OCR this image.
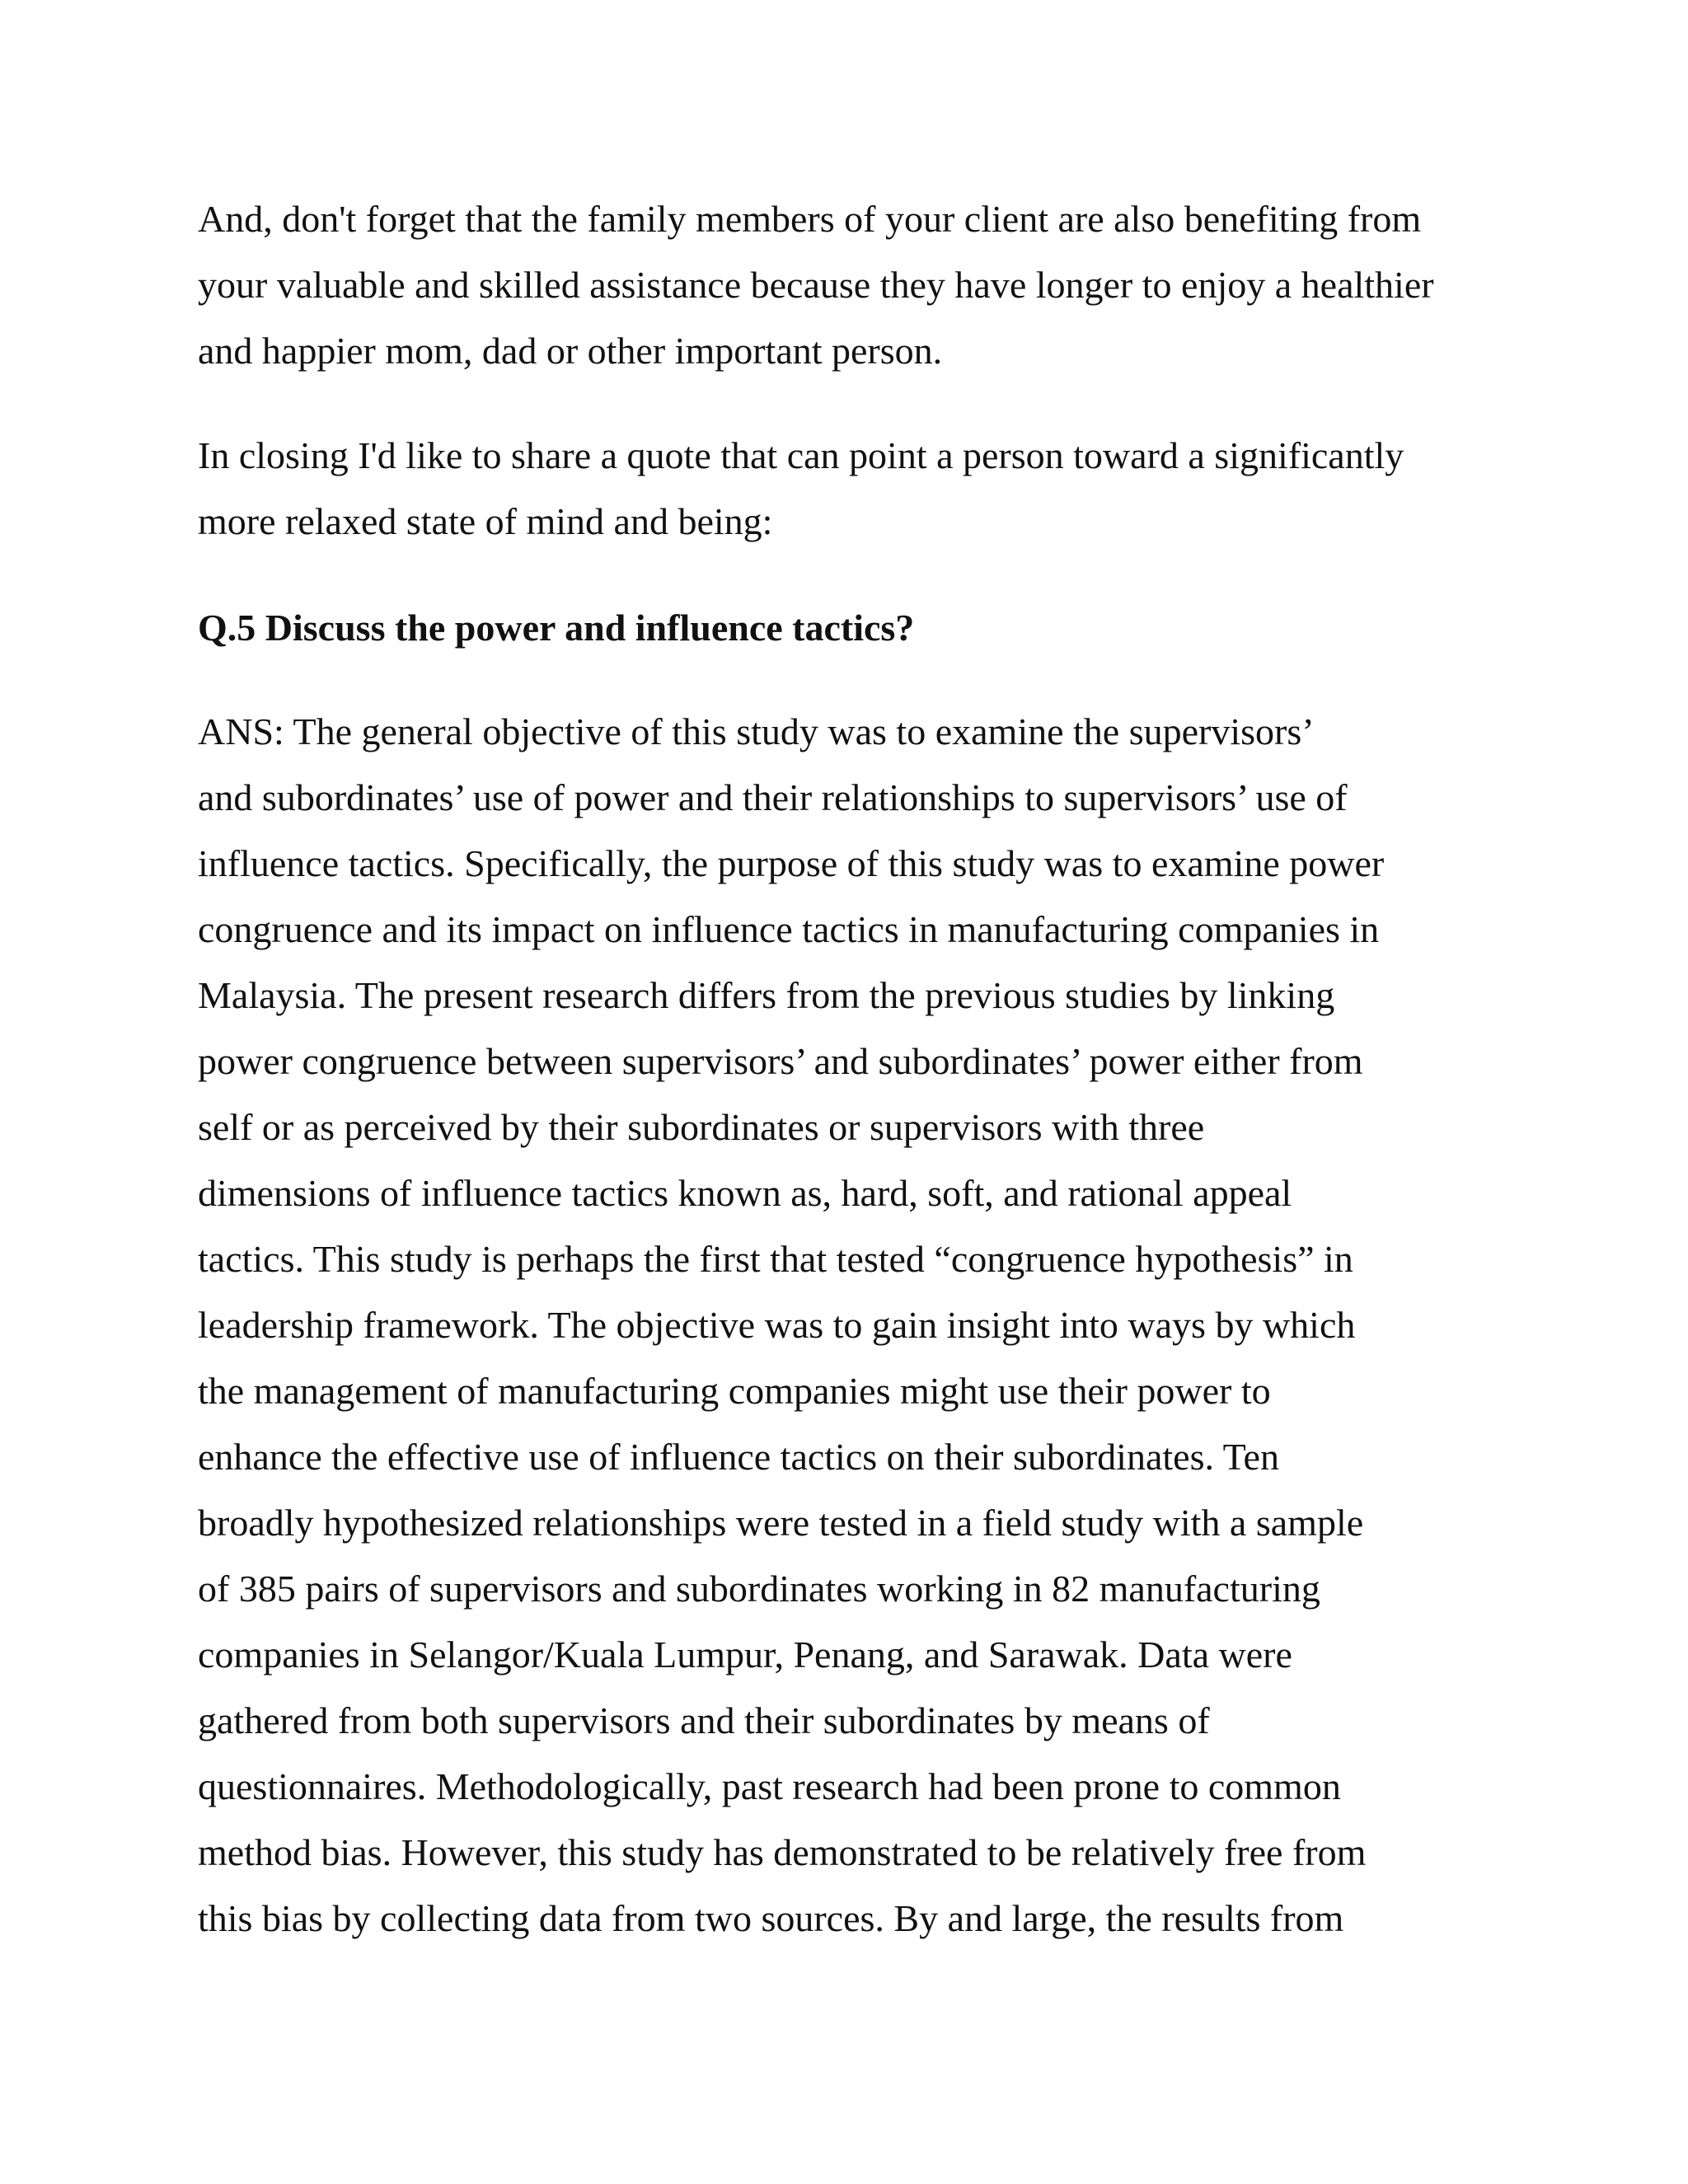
And, don't forget that the family members of your client are also benefiting from
your valuable and skilled assistance because they have longer to enjoy a healthier
and happier mom, dad or other important person.
In closing I'd like to share a quote that can point a person toward a significantly
more relaxed state of mind and being:
Q.5 Discuss the power and influence tactics?
ANS: The general objective of this study was to examine the supervisors’
and subordinates’ use of power and their relationships to supervisors’ use of
influence tactics. Specifically, the purpose of this study was to examine power
congruence and its impact on influence tactics in manufacturing companies in
Malaysia. The present research differs from the previous studies by linking
power congruence between supervisors’ and subordinates’ power either from
self or as perceived by their subordinates or supervisors with three
dimensions of influence tactics known as, hard, soft, and rational appeal
tactics. This study is perhaps the first that tested “congruence hypothesis” in
leadership framework. The objective was to gain insight into ways by which
the management of manufacturing companies might use their power to
enhance the effective use of influence tactics on their subordinates. Ten
broadly hypothesized relationships were tested in a field study with a sample
of 385 pairs of supervisors and subordinates working in 82 manufacturing
companies in Selangor/Kuala Lumpur, Penang, and Sarawak. Data were
gathered from both supervisors and their subordinates by means of
questionnaires. Methodologically, past research had been prone to common
method bias. However, this study has demonstrated to be relatively free from
this bias by collecting data from two sources. By and large, the results from
